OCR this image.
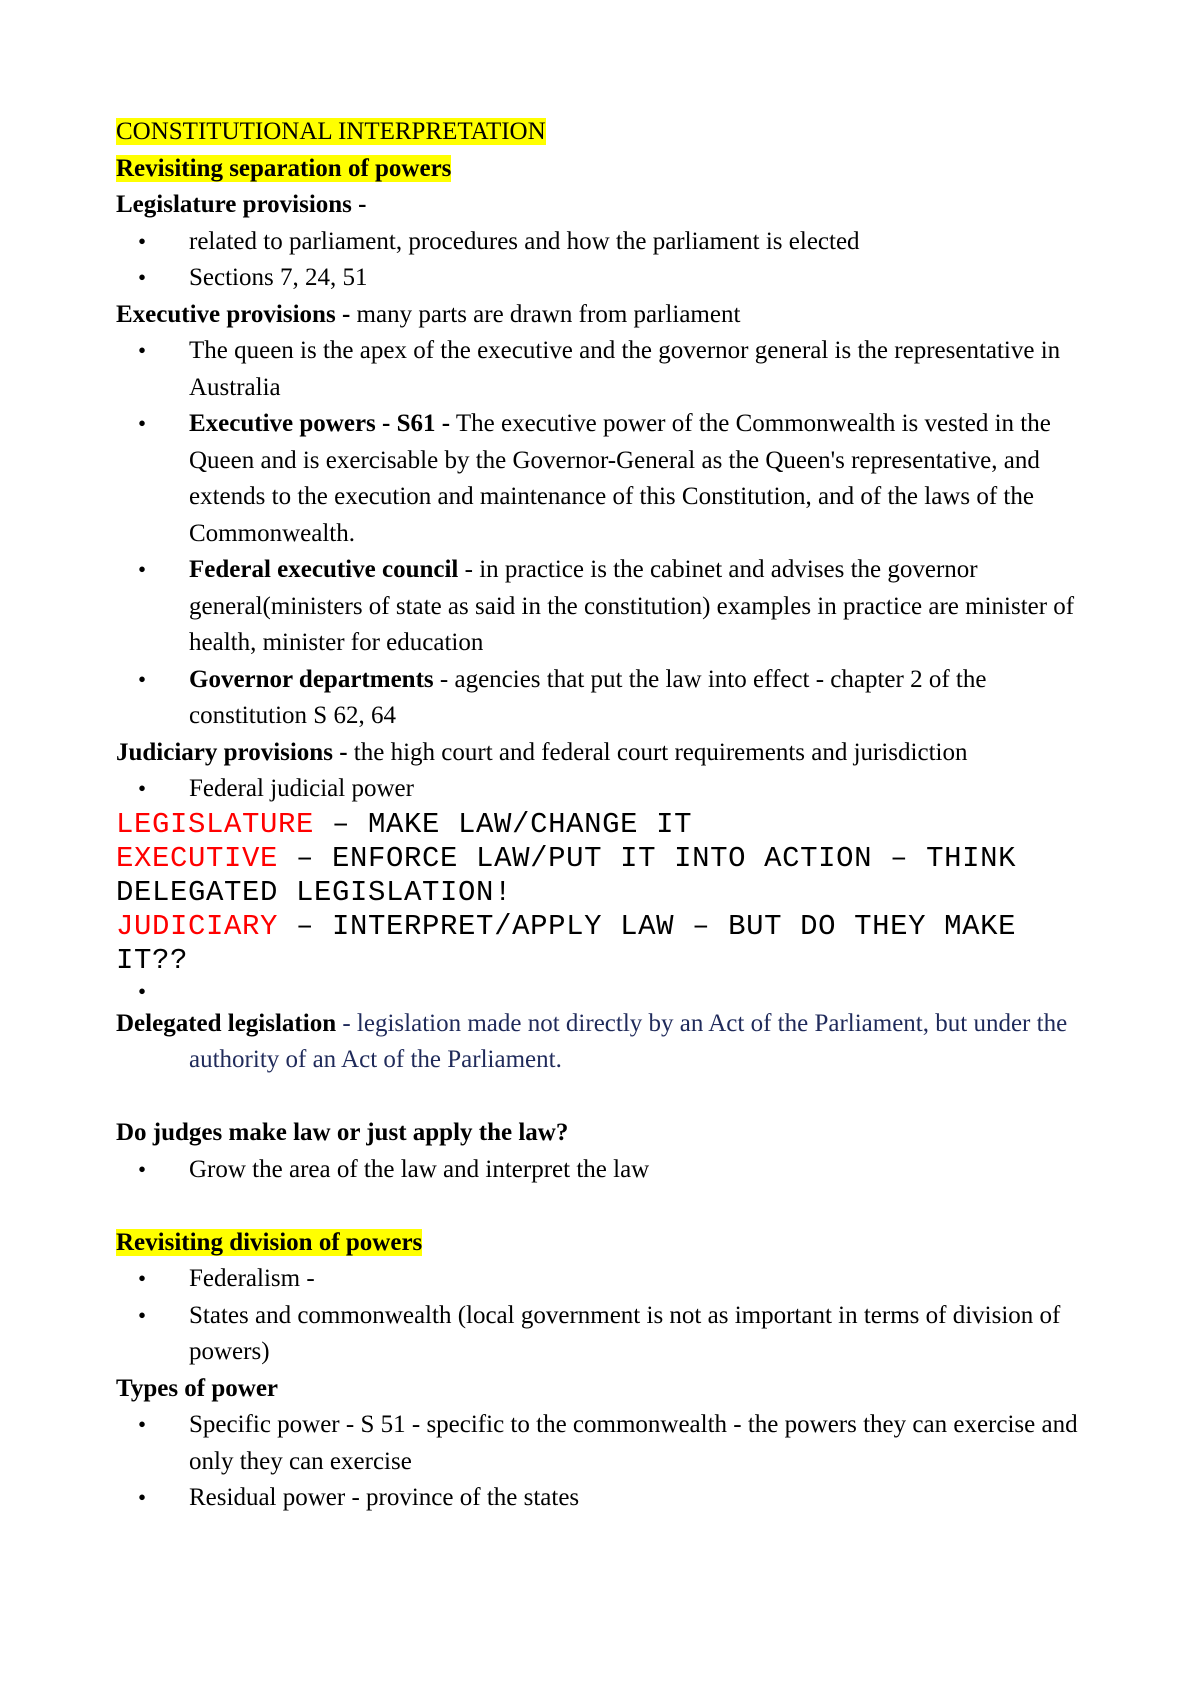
CONSTITUTIONAL INTERPRETATION
Revisiting separation of powers
Legislature provisions -
• related to parliament, procedures and how the parliament is elected
• Sections 7, 24, 51
Executive provisions - many parts are drawn from parliament
• The queen is the apex of the executive and the governor general is the representative in Australia
• Executive powers - S61 - The executive power of the Commonwealth is vested in the Queen and is exercisable by the Governor-General as the Queen's representative, and extends to the execution and maintenance of this Constitution, and of the laws of the Commonwealth.
• Federal executive council - in practice is the cabinet and advises the governor general(ministers of state as said in the constitution) examples in practice are minister of health, minister for education
• Governor departments - agencies that put the law into effect - chapter 2 of the constitution S 62, 64
Judiciary provisions - the high court and federal court requirements and jurisdiction
• Federal judicial power
LEGISLATURE – MAKE LAW/CHANGE IT
EXECUTIVE – ENFORCE LAW/PUT IT INTO ACTION – THINK DELEGATED LEGISLATION!
JUDICIARY – INTERPRET/APPLY LAW – BUT DO THEY MAKE IT??
•

Delegated legislation - legislation made not directly by an Act of the Parliament, but under the authority of an Act of the Parliament.
Do judges make law or just apply the law?
• Grow the area of the law and interpret the law
Revisiting division of powers
• Federalism -
• States and commonwealth (local government is not as important in terms of division of powers)
Types of power
• Specific power - S 51 - specific to the commonwealth - the powers they can exercise and only they can exercise
• Residual power - province of the states
